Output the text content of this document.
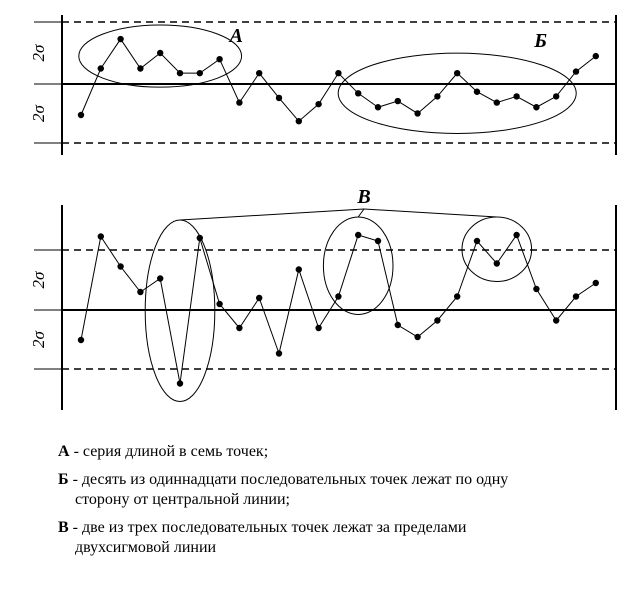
2σ
2σ
А	Б
2σ
2σ
В
А - серия длиной в семь точек;
Б - десять из одиннадцати последовательных точек лежат по одну
сторону от центральной линии;
В - две из трех последовательных точек лежат за пределами
двухсигмовой линии
